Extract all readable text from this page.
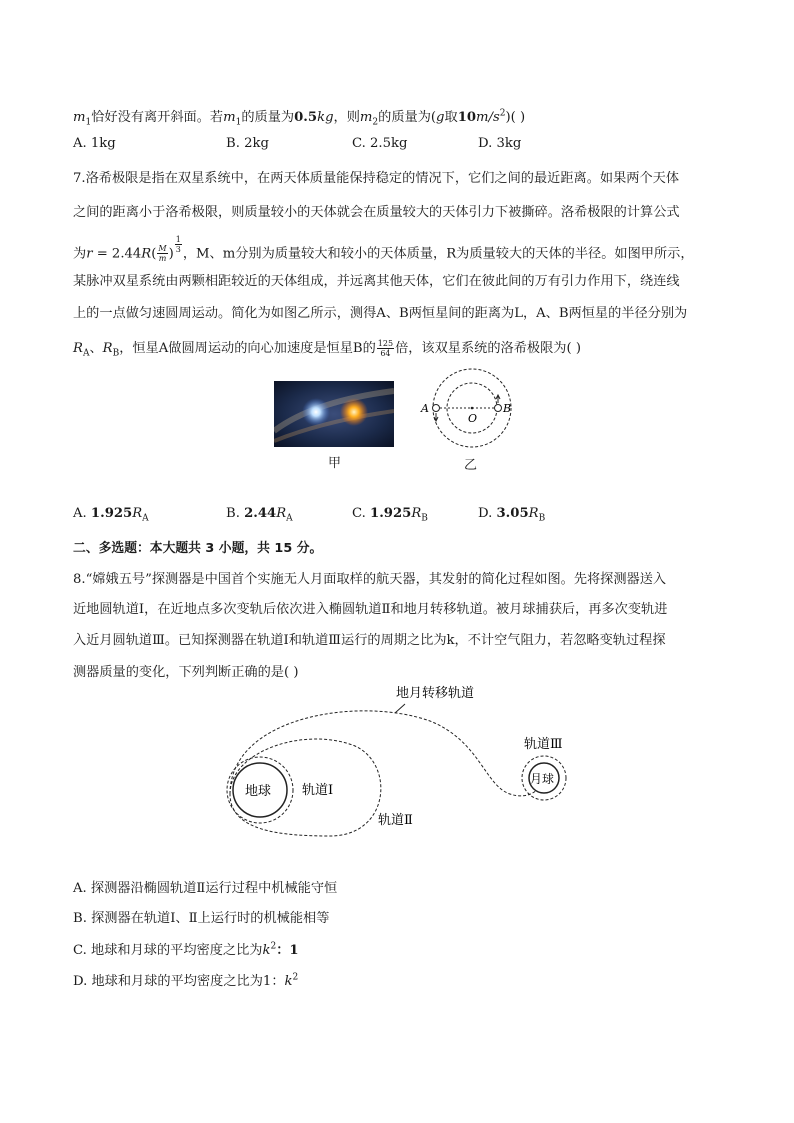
$m_1$恰好没有离开斜面。若$m_1$的质量为0.5kg，则$m_2$的质量为(g取$10m/s^2$)( )
A. 1kg	B. 2kg	C. 2.5kg	D. 3kg
7.洛希极限是指在双星系统中，在两天体质量能保持稳定的情况下，它们之间的最近距离。如果两个天体
之间的距离小于洛希极限，则质量较小的天体就会在质量较大的天体引力下被撕碎。洛希极限的计算公式
为$r = 2.44R( \frac{M}{m}$ ) $^{\frac{1}{3}}$ ，M、m分别为质量较大和较小的天体质量，R为质量较大的天体的半径。如图甲所示，
某脉冲双星系统由两颗相距较近的天体组成，并远离其他天体，它们在彼此间的万有引力作用下，绕连线
上的一点做匀速圆周运动。简化为如图乙所示，测得A、B两恒星间的距离为L，A、B两恒星的半径分别为
$R_A$、$R_B$，恒星A做圆周运动的向心加速度是恒星B的 $\frac{125}{64}$ 倍，该双星系统的洛希极限为( )
甲
A	B
O
乙
A. $1.925R_A$	B. $2.44R_A$	C. $1.925R_B$	D. $3.05R_B$
二、多选题：本大题共 3 小题，共 15 分。
8.“嫦娥五号”探测器是中国首个实施无人月面取样的航天器，其发射的简化过程如图。先将探测器送入
近地圆轨道Ⅰ，在近地点多次变轨后依次进入椭圆轨道Ⅱ和地月转移轨道。被月球捕获后，再多次变轨进
入近月圆轨道Ⅲ。已知探测器在轨道Ⅰ和轨道Ⅲ运行的周期之比为k，不计空气阻力，若忽略变轨过程探
测器质量的变化，下列判断正确的是( )
地月转移轨道
轨道Ⅲ
月球
地球 轨道Ⅰ
轨道Ⅱ
A. 探测器沿椭圆轨道Ⅱ运行过程中机械能守恒
B. 探测器在轨道Ⅰ、Ⅱ上运行时的机械能相等
C. 地球和月球的平均密度之比为$k^2$：1
D. 地球和月球的平均密度之比为1：$k^2$
